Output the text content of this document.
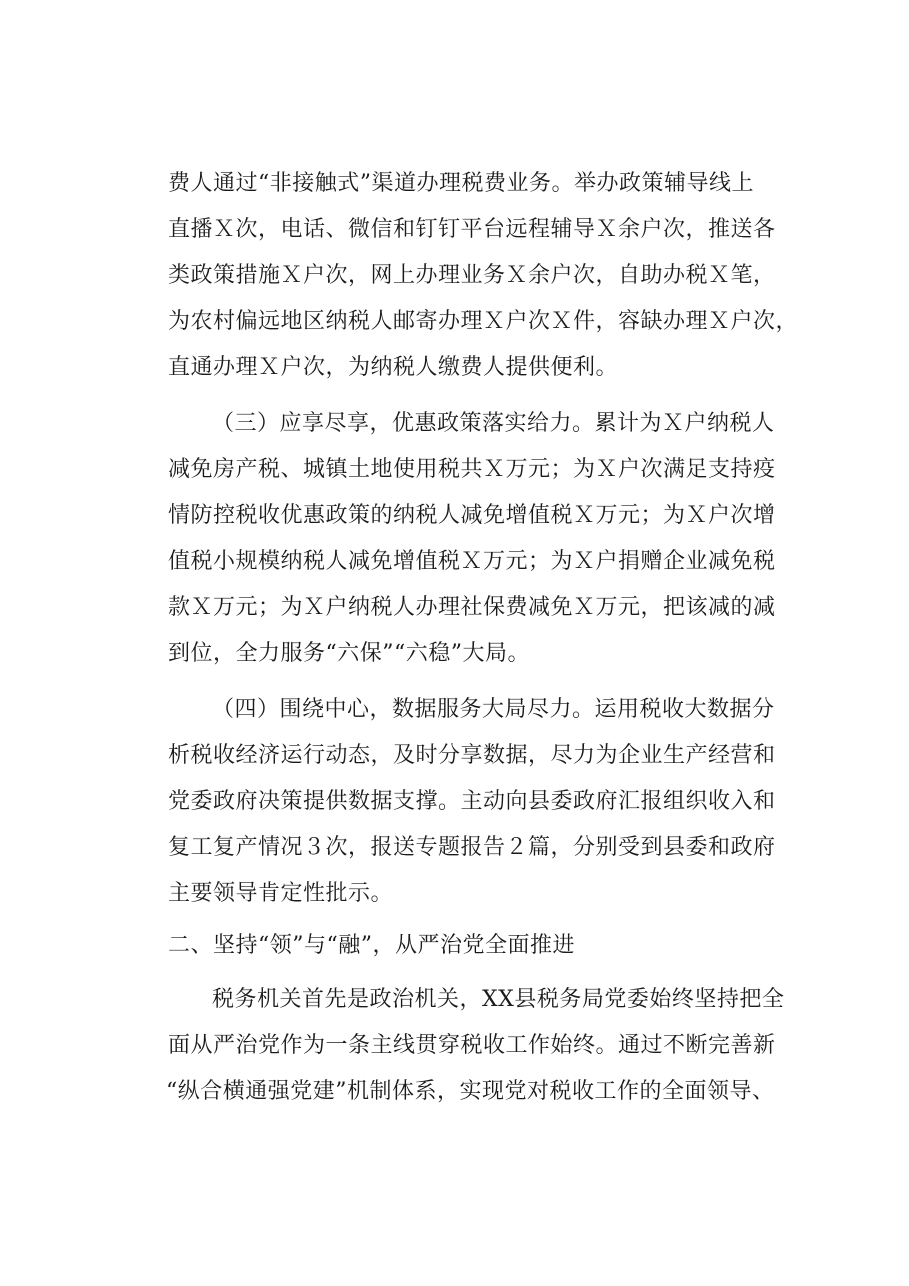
费人通过“非接触式”渠道办理税费业务。举办政策辅导线上
直播Ｘ次，电话、微信和钉钉平台远程辅导Ｘ余户次，推送各
类政策措施Ｘ户次，网上办理业务Ｘ余户次，自助办税Ｘ笔，
为农村偏远地区纳税人邮寄办理Ｘ户次Ｘ件，容缺办理Ｘ户次，
直通办理Ｘ户次，为纳税人缴费人提供便利。
（三）应享尽享，优惠政策落实给力。累计为Ｘ户纳税人
减免房产税、城镇土地使用税共Ｘ万元；为Ｘ户次满足支持疫
情防控税收优惠政策的纳税人减免增值税Ｘ万元；为Ｘ户次增
值税小规模纳税人减免增值税Ｘ万元；为Ｘ户捐赠企业减免税
款Ｘ万元；为Ｘ户纳税人办理社保费减免Ｘ万元，把该减的减
到位，全力服务“六保”“六稳”大局。
（四）围绕中心，数据服务大局尽力。运用税收大数据分
析税收经济运行动态，及时分享数据，尽力为企业生产经营和
党委政府决策提供数据支撑。主动向县委政府汇报组织收入和
复工复产情况３次，报送专题报告２篇，分别受到县委和政府
主要领导肯定性批示。
二、坚持“领”与“融”，从严治党全面推进
税务机关首先是政治机关，XX县税务局党委始终坚持把全
面从严治党作为一条主线贯穿税收工作始终。通过不断完善新
“纵合横通强党建”机制体系，实现党对税收工作的全面领导、
